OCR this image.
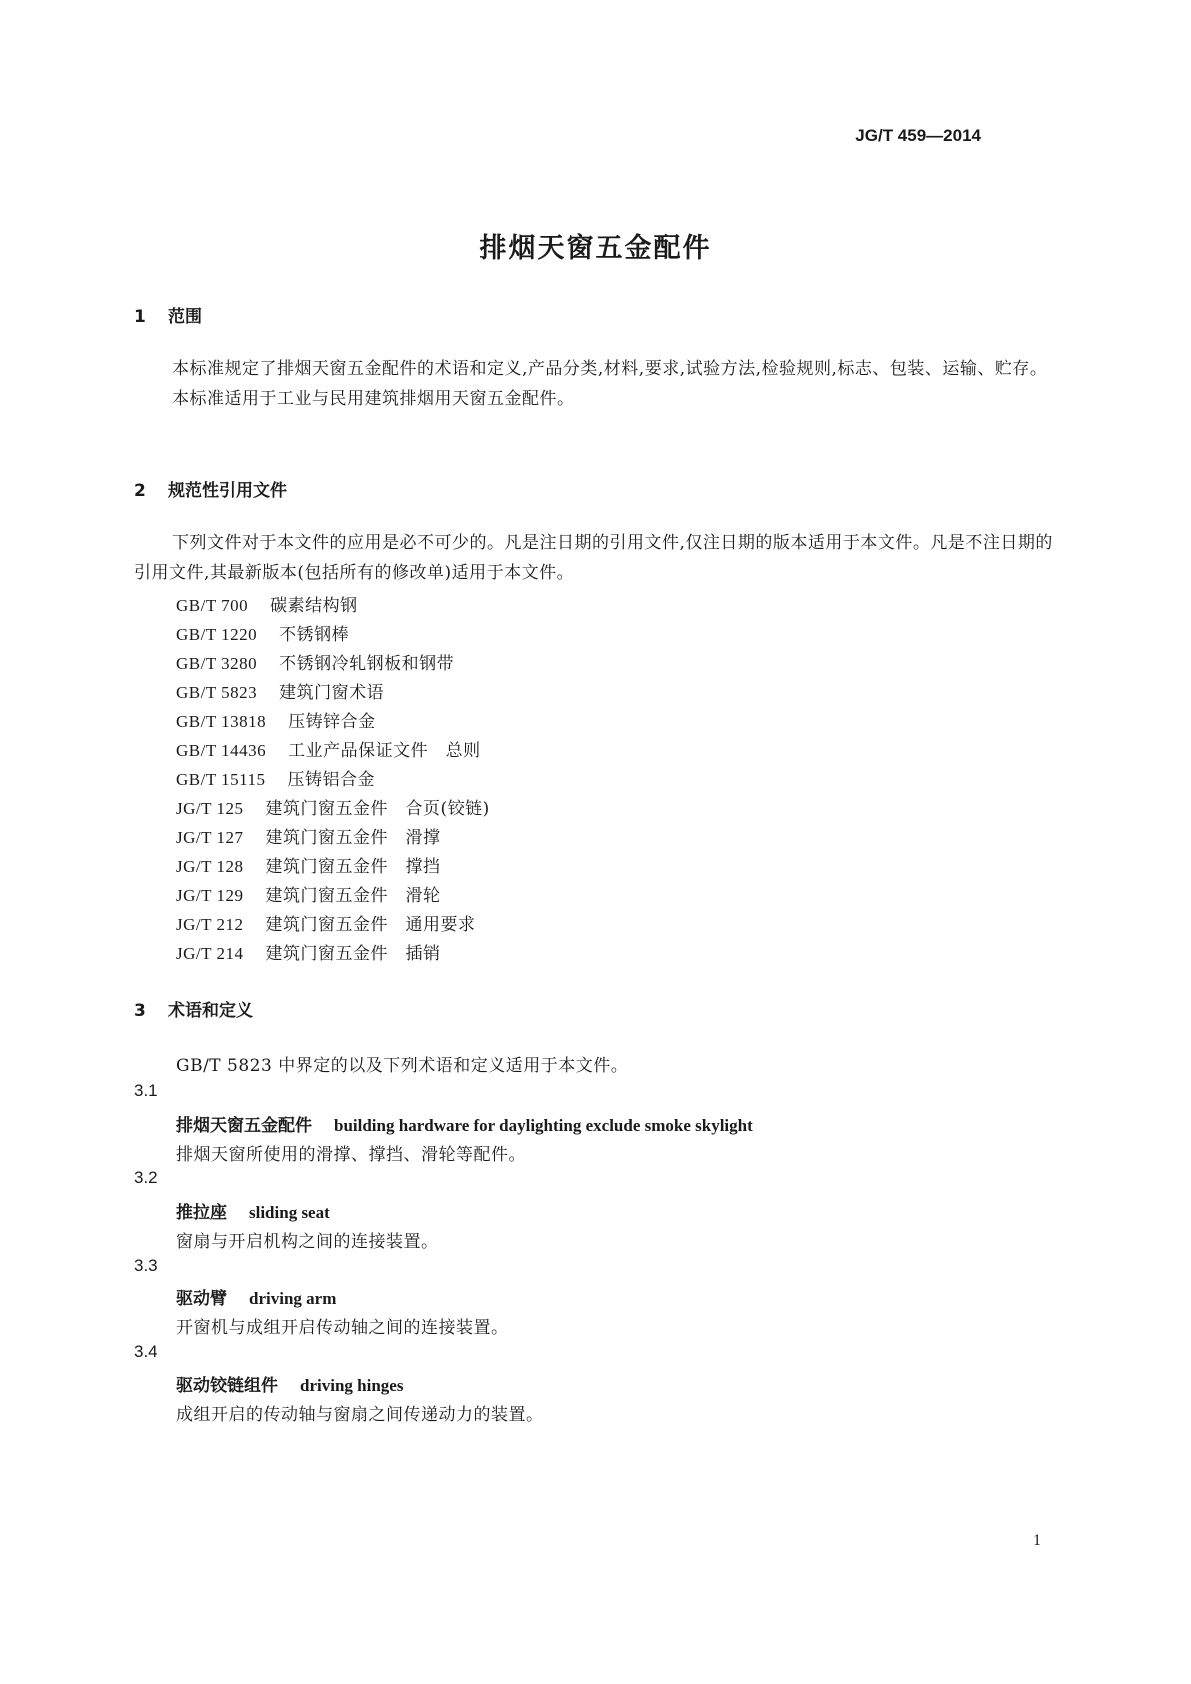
JG/T 459—2014
排烟天窗五金配件
1 范围

本标准规定了排烟天窗五金配件的术语和定义,产品分类,材料,要求,试验方法,检验规则,标志、包装、运输、贮存。

本标准适用于工业与民用建筑排烟用天窗五金配件。

2 规范性引用文件

下列文件对于本文件的应用是必不可少的。凡是注日期的引用文件,仅注日期的版本适用于本文件。凡是不注日期的引用文件,其最新版本(包括所有的修改单)适用于本文件。

GB/T 700 碳素结构钢
GB/T 1220 不锈钢棒
GB/T 3280 不锈钢冷轧钢板和钢带
GB/T 5823 建筑门窗术语
GB/T 13818 压铸锌合金
GB/T 14436 工业产品保证文件　总则
GB/T 15115 压铸铝合金
JG/T 125 建筑门窗五金件　合页(铰链)
JG/T 127 建筑门窗五金件　滑撑
JG/T 128 建筑门窗五金件　撑挡
JG/T 129 建筑门窗五金件　滑轮
JG/T 212 建筑门窗五金件　通用要求
JG/T 214 建筑门窗五金件　插销
3 术语和定义
GB/T 5823 中界定的以及下列术语和定义适用于本文件。
3.1
排烟天窗五金配件 building hardware for daylighting exclude smoke skylight
排烟天窗所使用的滑撑、撑挡、滑轮等配件。
3.2
推拉座 sliding seat
窗扇与开启机构之间的连接装置。
3.3
驱动臂 driving arm
开窗机与成组开启传动轴之间的连接装置。
3.4
驱动铰链组件 driving hinges
成组开启的传动轴与窗扇之间传递动力的装置。
1
